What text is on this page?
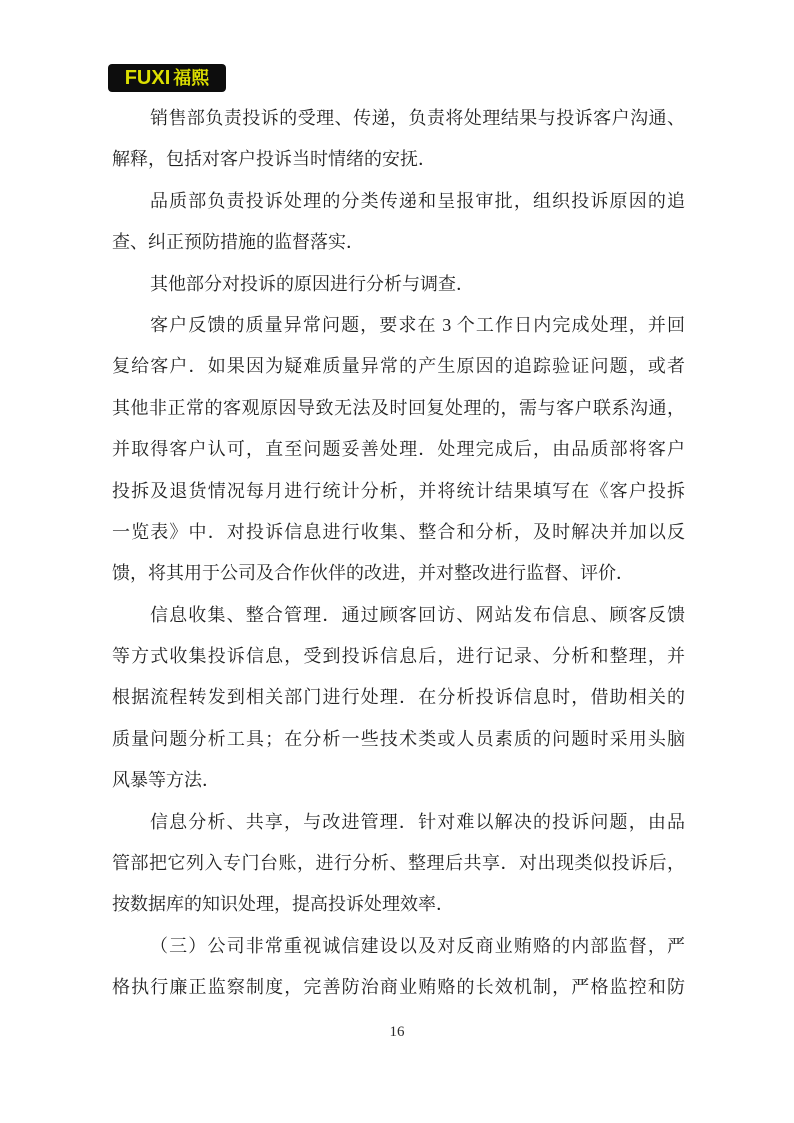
FUXI 福熙
销售部负责投诉的受理、传递，负责将处理结果与投诉客户沟通、
解释，包括对客户投诉当时情绪的安抚．
品质部负责投诉处理的分类传递和呈报审批，组织投诉原因的追
查、纠正预防措施的监督落实．
其他部分对投诉的原因进行分析与调查．
客户反馈的质量异常问题，要求在 3 个工作日内完成处理，并回
复给客户．如果因为疑难质量异常的产生原因的追踪验证问题，或者
其他非正常的客观原因导致无法及时回复处理的，需与客户联系沟通，
并取得客户认可，直至问题妥善处理．处理完成后，由品质部将客户
投拆及退货情况每月进行统计分析，并将统计结果填写在《客户投拆
一览表》中．对投诉信息进行收集、整合和分析，及时解决并加以反
馈，将其用于公司及合作伙伴的改进，并对整改进行监督、评价．
信息收集、整合管理．通过顾客回访、网站发布信息、顾客反馈
等方式收集投诉信息，受到投诉信息后，进行记录、分析和整理，并
根据流程转发到相关部门进行处理．在分析投诉信息时，借助相关的
质量问题分析工具；在分析一些技术类或人员素质的问题时采用头脑
风暴等方法．
信息分析、共享，与改进管理．针对难以解决的投诉问题，由品
管部把它列入专门台账，进行分析、整理后共享．对出现类似投诉后，
按数据库的知识处理，提高投诉处理效率．
（三）公司非常重视诚信建设以及对反商业贿赂的内部监督，严
格执行廉正监察制度，完善防治商业贿赂的长效机制，严格监控和防
16
